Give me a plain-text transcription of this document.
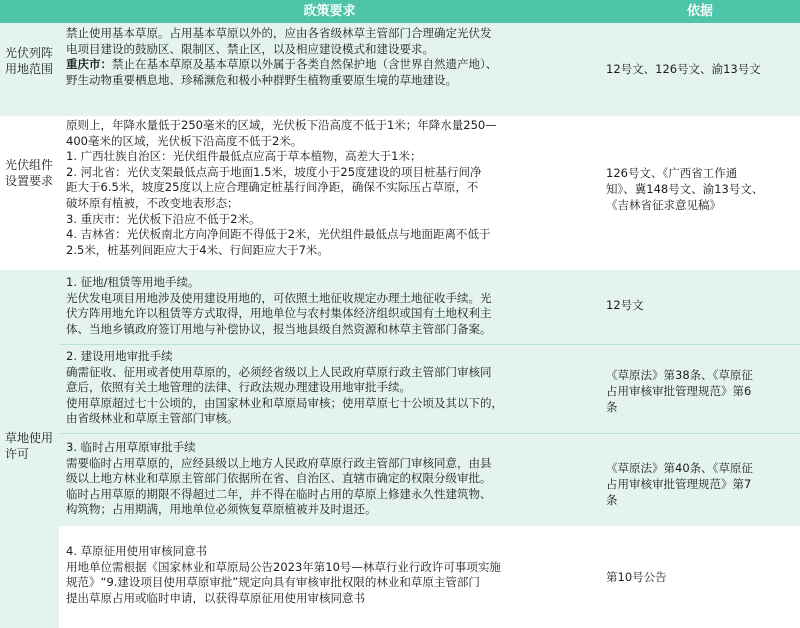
政策要求	依据
光伏列阵用地范围

禁止使用基本草原。占用基本草原以外的，应由各省级林草主管部门合理确定光伏发

电项目建设的鼓励区、限制区、禁止区，以及相应建设模式和建设要求。

重庆市：禁止在基本草原及基本草原以外属于各类自然保护地（含世界自然遗产地）、

野生动物重要栖息地、珍稀濒危和极小种群野生植物重要原生境的草地建设。

12号文、126号文、渝13号文
光伏组件设置要求

原则上，年降水量低于250毫米的区域，光伏板下沿高度不低于1米；年降水量250—

400毫米的区域，光伏板下沿高度不低于2米。

1. 广西壮族自治区：光伏组件最低点应高于草本植物，高差大于1米；

2. 河北省：光伏支架最低点高于地面1.5米，坡度小于25度建设的项目桩基行间净

距大于6.5米，坡度25度以上应合理确定桩基行间净距，确保不实际压占草原，不

破坏原有植被，不改变地表形态；

3. 重庆市：光伏板下沿应不低于2米。

4. 吉林省：光伏板南北方向净间距不得低于2米，光伏组件最低点与地面距离不低于

2.5米，桩基列间距应大于4米、行间距应大于7米。

126号文、《广西省工作通
知》、冀148号文、渝13号文、
《吉林省征求意见稿》
草地使用许可

1. 征地/租赁等用地手续。

光伏发电项目用地涉及使用建设用地的，可依照土地征收规定办理土地征收手续。光

伏方阵用地允许以租赁等方式取得，用地单位与农村集体经济组织或国有土地权利主

体、当地乡镇政府签订用地与补偿协议，报当地县级自然资源和林草主管部门备案。

12号文

2. 建设用地审批手续

确需征收、征用或者使用草原的，必须经省级以上人民政府草原行政主管部门审核同

意后，依照有关土地管理的法律、行政法规办理建设用地审批手续。

使用草原超过七十公顷的，由国家林业和草原局审核；使用草原七十公顷及其以下的，

由省级林业和草原主管部门审核。

《草原法》第38条、《草原征
占用审核审批管理规范》第6
条

3. 临时占用草原审批手续

需要临时占用草原的，应经县级以上地方人民政府草原行政主管部门审核同意，由县

级以上地方林业和草原主管部门依据所在省、自治区、直辖市确定的权限分级审批。

临时占用草原的期限不得超过二年，并不得在临时占用的草原上修建永久性建筑物、

构筑物；占用期满，用地单位必须恢复草原植被并及时退还。

《草原法》第40条、《草原征
占用审核审批管理规范》第7
条

4. 草原征用使用审核同意书

用地单位需根据《国家林业和草原局公告2023年第10号—林草行业行政许可事项实施

规范》“9.建设项目使用草原审批”规定向具有审核审批权限的林业和草原主管部门

提出草原占用或临时申请，以获得草原征用使用审核同意书

第10号公告
